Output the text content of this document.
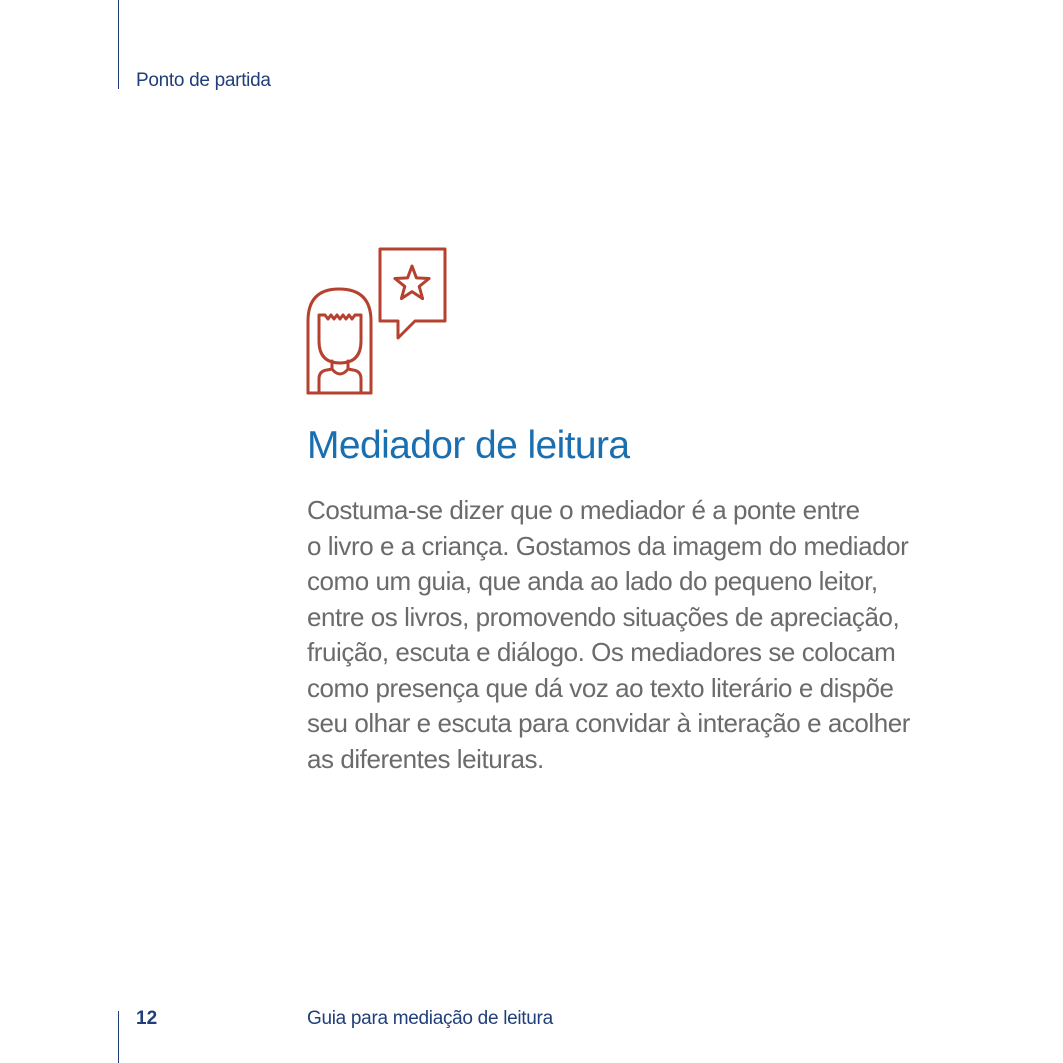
Ponto de partida
Mediador de leitura
Costuma-se dizer que o mediador é a ponte entre
o livro e a criança. Gostamos da imagem do mediador
como um guia, que anda ao lado do pequeno leitor,
entre os livros, promovendo situações de apreciação,
fruição, escuta e diálogo. Os mediadores se colocam
como presença que dá voz ao texto literário e dispõe
seu olhar e escuta para convidar à interação e acolher
as diferentes leituras.
12	Guia para mediação de leitura
